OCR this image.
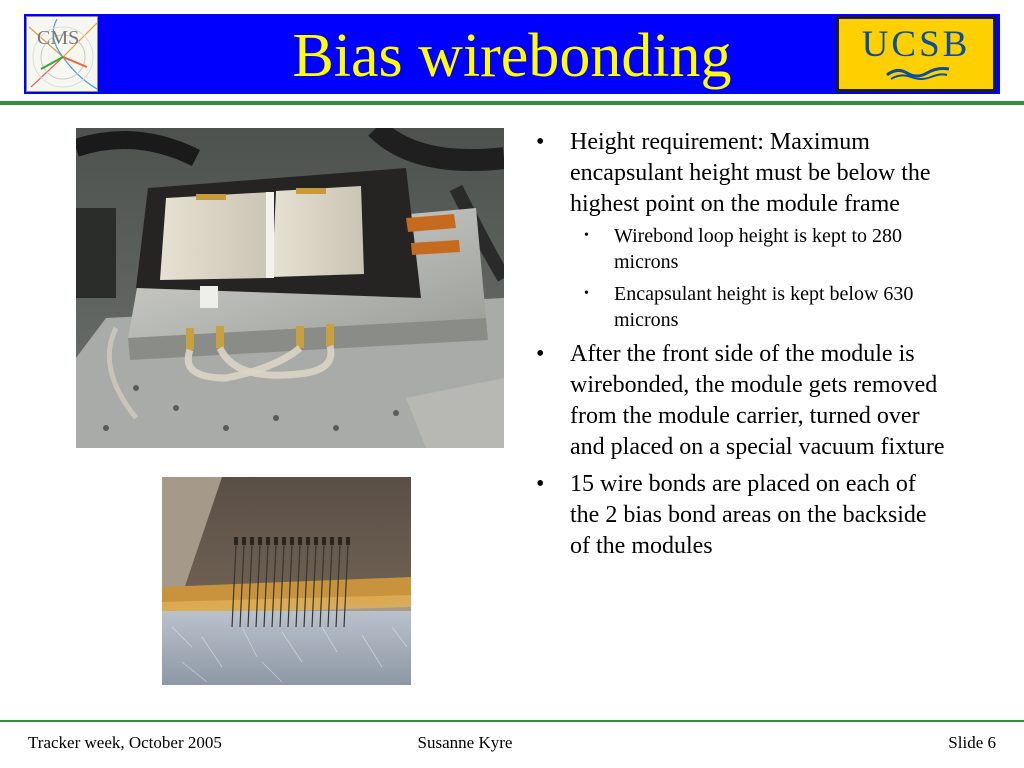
CMS	Bias wirebonding	UCSB
•	Height requirement: Maximum encapsulant height must be below the highest point on the module frame
• Wirebond loop height is kept to 280 microns
• Encapsulant height is kept below 630 microns
•	After the front side of the module is wirebonded, the module gets removed from the module carrier, turned over and placed on a special vacuum fixture
•	15 wire bonds are placed on each of the 2 bias bond areas on the backside of the modules
Tracker week, October 2005	Susanne Kyre	Slide 6
